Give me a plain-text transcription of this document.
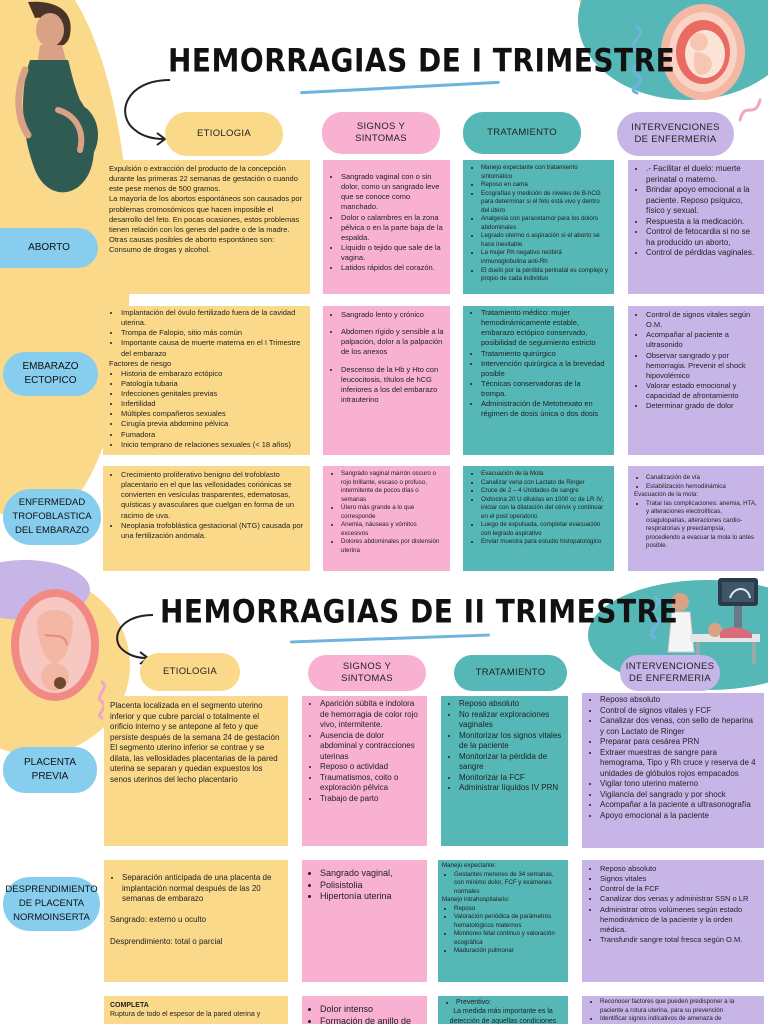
HEMORRAGIAS DE I TRIMESTRE
ETIOLOGIA
SIGNOS Y SINTOMAS
TRATAMIENTO	INTERVENCIONES DE ENFERMERIA
ABORTO

Expulsión o extracción del producto de la concepción durante las primeras 22 semanas de gestación o cuando este pese menos de 500 gramos.

La mayoría de los abortos espontáneos son causados por problemas cromosómicos que hacen imposible el desarrollo del feto. En pocas ocasiones, estos problemas tienen relación con los genes del padre o de la madre. Otras causas posibles de aborto espontáneo son: Consumo de drogas y alcohol.

• Sangrado vaginal con o sin dolor, como un sangrado leve que se conoce como manchado.
• Dolor o calambres en la zona pélvica o en la parte baja de la espalda.
• Líquido o tejido que sale de la vagina.
• Latidos rápidos del corazón.
• Manejo expectante con tratamiento sintomático
• Reposo en cama
• Ecografías y medición de niveles de B-hCG para determinar si el feto está vivo y dentro del útero
• Analgesia con paracetamol para los dolors abdominales
• Legrado uterino o aspiración si el aborto se hace inevitable
• La mujer Rh negativo recibirá inmunoglobulina anti-Rh
• El duelo por la pérdida perinatal es complejo y propio de cada individuo
• .- Facilitar el duelo: muerte perinatal o materno.
• Brindar apoyo emocional a la paciente. Reposo psíquico, físico y sexual.
• Respuesta a la medicación.
• Control de fetocardia si no se ha producido un aborto,
• Control de pérdidas vaginales.
EMBARAZO ECTOPICO
• Implantación del óvulo fertilizado fuera de la cavidad uterina.
• Trompa de Falopio, sitio más común
• Importante causa de muerte materna en el I Trimestre del embarazo

Factores de riesgo

• Historia de embarazo ectópico
• Patología tubaria
• Infecciones genitales previas
• Infertilidad
• Múltiples compañeros sexuales
• Cirugía previa abdomino pélvica
• Fumadora
• Inicio temprano de relaciones sexuales (< 18 años)
• Sangrado lento y crónico
• Abdomen rígido y sensible a la palpación, dolor a la palpación de los anexos
• Descenso de la Hb y Hto con leucocitosis, títulos de hCG inferiores a los del embarazo intrauterino
• Tratamiento médico: mujer hemodinámicamente estable, embarazo ectópico conservado, posibilidad de seguimiento estricto
• Tratamiento quirúrgico
• Intervención quirúrgica a la brevedad posible
• Técnicas conservadoras de la trompa.
• Administración de Metotrexato en régimen de dosis única o dos dosis
• Control de signos vitales según O.M.
• Acompañar al paciente a ultrasonido
• Observar sangrado y por hemorragia. Prevenir el shock hipovolémico
• Valorar estado emocional y capacidad de afrontamiento
• Determinar grado de dolor
ENFERMEDAD TROFOBLASTICA DEL EMBARAZO
• Crecimiento proliferativo benigno del trofoblasto placentario en el que las vellosidades coriónicas se convierten en vesículas trasparentes, edematosas, quísticas y avasculares que cuelgan en forma de un racimo de uva.
• Neoplasia trofoblástica gestacional (NTG) causada por una fertilización anómala.
• Sangrado vaginal marrón oscuro o rojo brillante, escaso o profuso, intermitente de pocos días o semanas
• Útero más grande a lo que corresponde
• Anemia, náuseas y vómitos excesivos
• Dolores abdominales por distensión uterina
• Evacuación de la Mola
• Canalizar vena con Lactato de Ringer
• Cruce de 2 – 4 Unidades de sangre
• Oxitocina 20 U diluidas en 1000 cc de LR IV, iniciar con la dilatación del cérvix y continuar en el post operatorio
• Luego de expulsada, completar evacuación con legrado aspirativo
• Enviar muestra para estudio histopatológico
• Canalización de vía
• Estabilización hemodinámica

Evacuación de la mola:

• Tratar las complicaciones: anemia, HTA, y alteraciones electrolíticas, coagulopatías, alteraciones cardio-respiratorias y preeclampsia, procediendo a evacuar la mola lo antes posible.
HEMORRAGIAS DE II TRIMESTRE
ETIOLOGIA	SIGNOS Y SINTOMAS
TRATAMIENTO
INTERVENCIONES DE ENFERMERIA
PLACENTA PREVIA

Placenta localizada en el segmento uterino inferior y que cubre parcial o totalmente el orificio interno y se antepone al feto y que persiste después de la semana 24 de gestación

El segmento uterino inferior se contrae y se dilata, las vellosidades placentarias de la pared uterina se separan y quedan expuestos los senos uterinos del lecho placentario

• Aparición súbita e indolora de hemorragia de color rojo vivo, intermitente.
• Ausencia de dolor abdominal y contracciones uterinas
• Reposo o actividad
• Traumatismos, coito o exploración pélvica
• Trabajo de parto
• Reposo absoluto
• No realizar exploraciones vaginales
• Monitorizar los signos vitales de la paciente
• Monitorizar la pérdida de sangre
• Monitorizar la FCF
• Administrar líquidos IV PRN
• Reposo absoluto
• Control de signos vitales y FCF
• Canalizar dos venas, con sello de heparina y con Lactato de Ringer
• Preparar para cesárea PRN
• Extraer muestras de sangre para hemograma, Tipo y Rh cruce y reserva de 4 unidades de glóbulos rojos empacados
• Vigilar tono uterino materno
• Vigilancia del sangrado y por shock
• Acompañar a la paciente a ultrasonografía
• Apoyo emocional a la paciente
DESPRENDIMIENTO DE PLACENTA NORMOINSERTA
• Separación anticipada de una placenta de implantación normal después de las 20 semanas de embarazo

Sangrado: externo u oculto

Desprendimiento: total o parcial

• Sangrado vaginal,
• Polisistolia
• Hipertonía uterina

Manejo expectante:

• Gestantes menores de 34 semanas, con mínimo dolor, FCF y exámenes normales

Manejo intrahospitalario:

• Reposo
• Valoración periódica de parámetros hematológicos maternos
• Monitoreo fetal continuo y valoración ecográfica
• Maduración pulmonar
• Reposo absoluto
• Signos vitales
• Control de la FCF
• Canalizar dos venas y administrar SSN o LR
• Administrar otros volúmenes según estado hemodinámico de la paciente y la orden médica.
• Transfundir sangre total fresca según O.M.

COMPLETA

Ruptura de todo el espesor de la pared uterina y

• Dolor intenso
• Formación de anillo de
• Preventivo:

La medida más importante es la detección de aquellas condiciones

• Reconocer factores que pueden predisponer a la paciente a rotura uterina, para su prevención
• Identificar signos indicativos de amenaza de
